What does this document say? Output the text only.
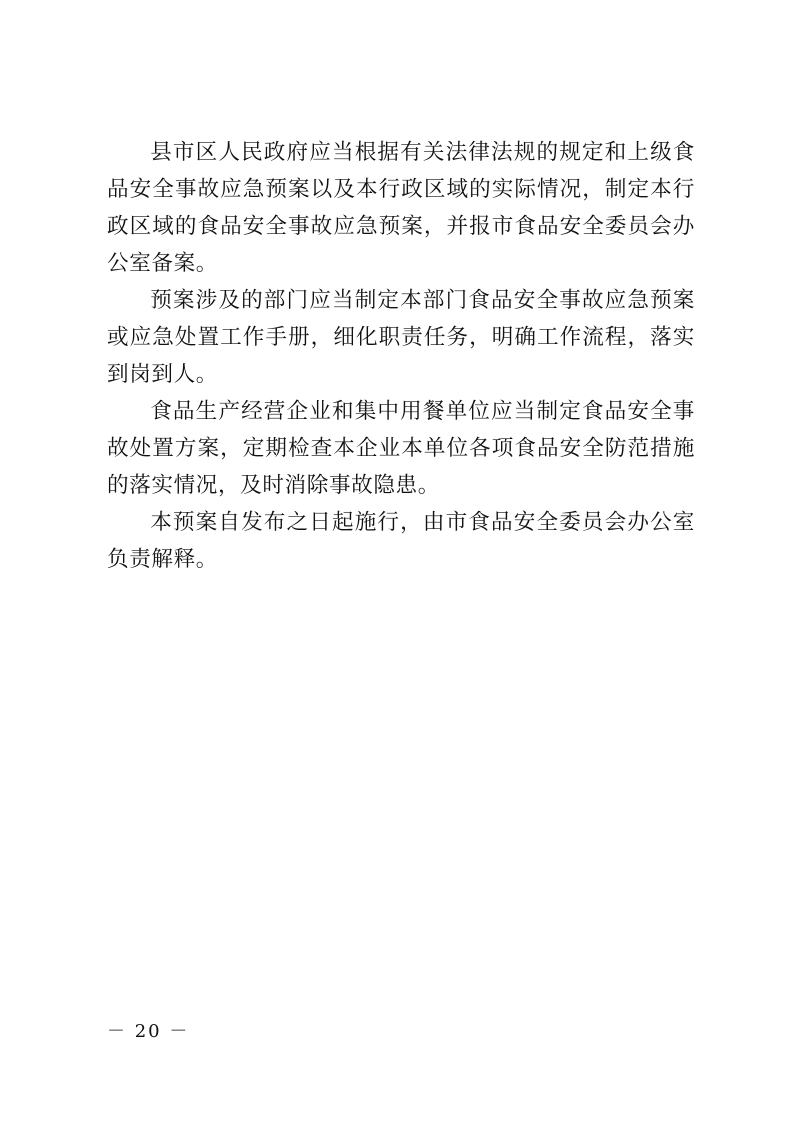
县市区人民政府应当根据有关法律法规的规定和上级食品安全事故应急预案以及本行政区域的实际情况，制定本行政区域的食品安全事故应急预案，并报市食品安全委员会办公室备案。

预案涉及的部门应当制定本部门食品安全事故应急预案或应急处置工作手册，细化职责任务，明确工作流程，落实到岗到人。

食品生产经营企业和集中用餐单位应当制定食品安全事故处置方案，定期检查本企业本单位各项食品安全防范措施的落实情况，及时消除事故隐患。

本预案自发布之日起施行，由市食品安全委员会办公室负责解释。

－ 20 －
